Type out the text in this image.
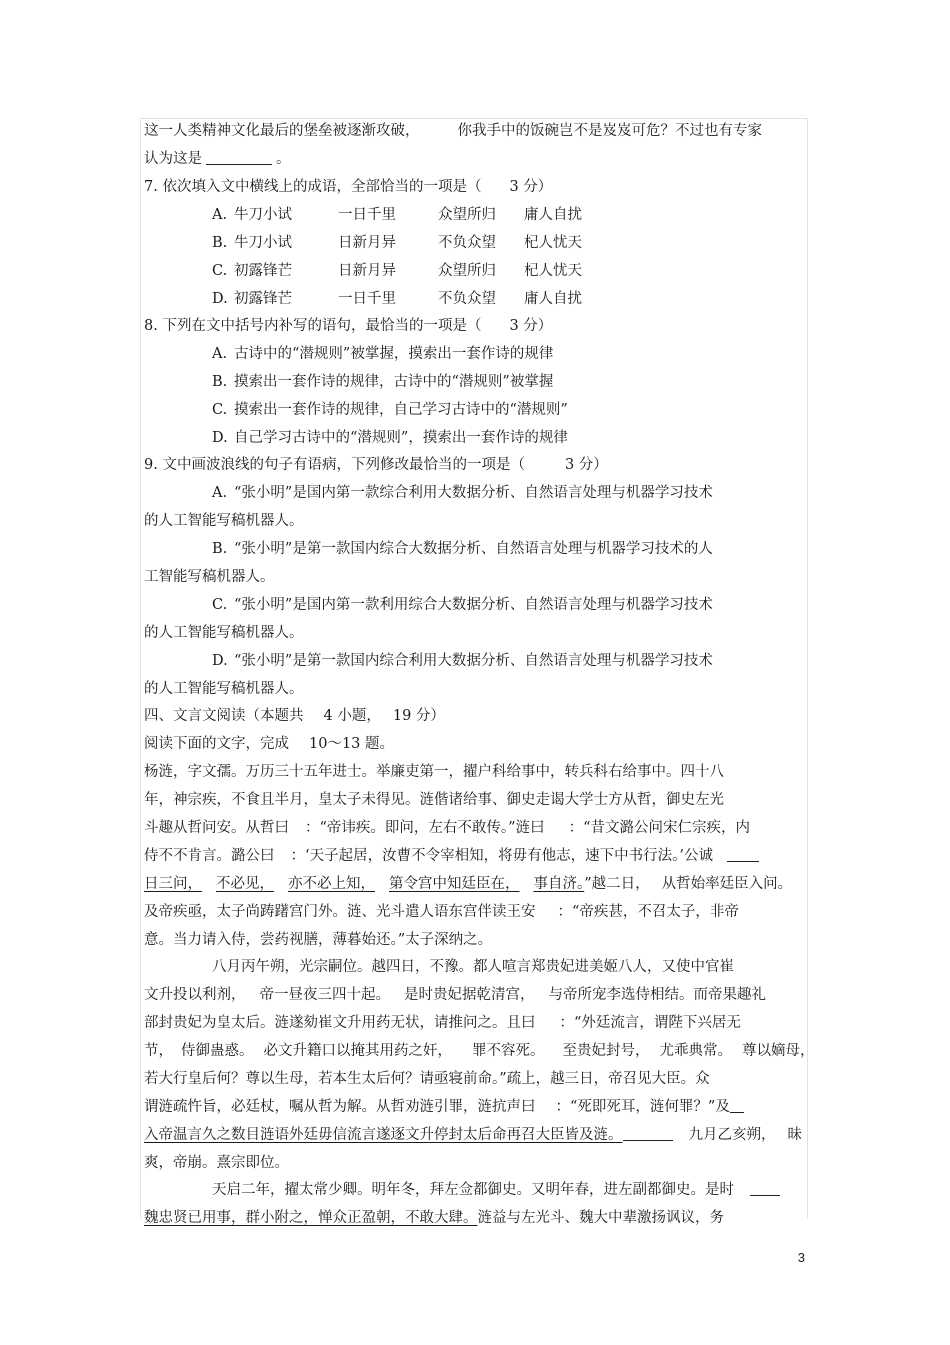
这一人类精神文化最后的堡垒被逐渐攻破，	你我手中的饭碗岂不是岌岌可危？不过也有专家
认为这是	。
7. 依次填入文中横线上的成语，全部恰当的一项是（ 3 分）
A. 牛刀小试	一日千里	众望所归 庸人自扰
B. 牛刀小试	日新月异	不负众望 杞人忧天
C. 初露锋芒	日新月异	众望所归 杞人忧天
D. 初露锋芒	一日千里	不负众望 庸人自扰
8. 下列在文中括号内补写的语句，最恰当的一项是（ 3 分）
A. 古诗中的“潜规则”被掌握，摸索出一套作诗的规律
B. 摸索出一套作诗的规律，古诗中的“潜规则”被掌握
C. 摸索出一套作诗的规律，自己学习古诗中的“潜规则”
D. 自己学习古诗中的“潜规则”，摸索出一套作诗的规律
9. 文中画波浪线的句子有语病，下列修改最恰当的一项是（	3 分）
A. “张小明”是国内第一款综合利用大数据分析、自然语言处理与机器学习技术
的人工智能写稿机器人。
B. “张小明”是第一款国内综合大数据分析、自然语言处理与机器学习技术的人
工智能写稿机器人。
C. “张小明”是国内第一款利用综合大数据分析、自然语言处理与机器学习技术
的人工智能写稿机器人。
D. “张小明”是第一款国内综合利用大数据分析、自然语言处理与机器学习技术
的人工智能写稿机器人。
四、文言文阅读（本题共 4 小题， 19 分）
阅读下面的文字，完成 10～13 题。
杨涟，字文孺。万历三十五年进士。举廉吏第一，擢户科给事中，转兵科右给事中。四十八
年，神宗疾，不食且半月，皇太子未得见。涟偕诸给事、御史走谒大学士方从哲，御史左光
斗趣从哲问安。从哲曰 ：“帝讳疾。即问，左右不敢传。”涟曰 ：“昔文潞公问宋仁宗疾，内
侍不不肯言。潞公曰 ：‘天子起居，汝曹不令宰相知，将毋有他志，速下中书行法。’公诚
日三问， 不必见， 亦不必上知， 第令宫中知廷臣在， 事自济。”越二日， 从哲始率廷臣入问。
及帝疾亟，太子尚踌躇宫门外。涟、光斗遣人语东宫伴读王安 ：“帝疾甚，不召太子，非帝
意。当力请入侍，尝药视膳，薄暮始还。”太子深纳之。
八月丙午朔，光宗嗣位。越四日，不豫。都人喧言郑贵妃进美姬八人，又使中官崔
文升投以利剂， 帝一昼夜三四十起。 是时贵妃据乾清宫， 与帝所宠李选侍相结。而帝果趣礼
部封贵妃为皇太后。涟遂劾崔文升用药无状，请推问之。且曰 ：“外廷流言，谓陛下兴居无
节， 侍御蛊惑。 必文升籍口以掩其用药之奸， 罪不容死。 至贵妃封号， 尤乖典常。 尊以嫡母，
若大行皇后何？尊以生母，若本生太后何？请亟寝前命。”疏上，越三日，帝召见大臣。众
谓涟疏忤旨，必廷杖，嘱从哲为解。从哲劝涟引罪，涟抗声曰 ：“死即死耳，涟何罪？”及
入帝温言久之数目涟语外廷毋信流言遂逐文升停封太后命再召大臣皆及涟。	九月乙亥朔， 昧
爽，帝崩。熹宗即位。
天启二年，擢太常少卿。明年冬，拜左佥都御史。又明年春，进左副都御史。是时
魏忠贤已用事，群小附之，惮众正盈朝，不敢大肆。涟益与左光斗、魏大中辈激扬讽议，务
3
